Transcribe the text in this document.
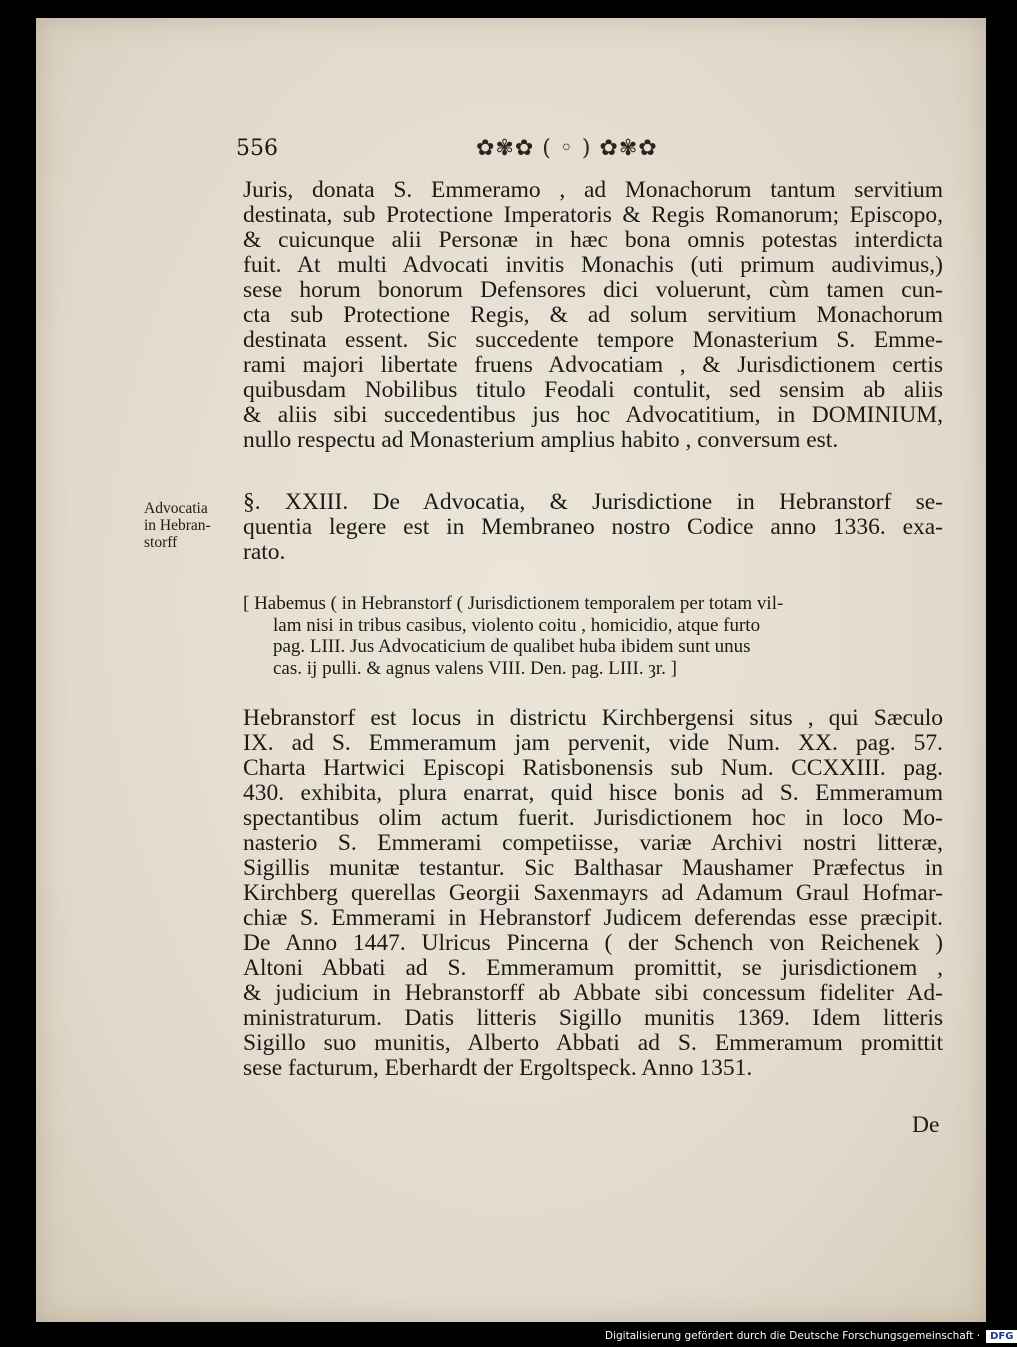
556	✿✾✿ ( ◦ ) ✿✾✿
Juris, donata S. Emmeramo , ad Monachorum tantum servitium
destinata, sub Protectione Imperatoris & Regis Romanorum; Episcopo,
& cuicunque alii Personæ in hæc bona omnis potestas interdicta
fuit. At multi Advocati invitis Monachis (uti primum audivimus,)
sese horum bonorum Defensores dici voluerunt, cùm tamen cun-
cta sub Protectione Regis, & ad solum servitium Monachorum
destinata essent. Sic succedente tempore Monasterium S. Emme-
rami majori libertate fruens Advocatiam , & Jurisdictionem certis
quibusdam Nobilibus titulo Feodali contulit, sed sensim ab aliis
& aliis sibi succedentibus jus hoc Advocatitium, in DOMINIUM,
nullo respectu ad Monasterium amplius habito , conversum est.
Advocatia
in Hebran-
storff
§. XXIII. De Advocatia, & Jurisdictione in Hebranstorf se-
quentia legere est in Membraneo nostro Codice anno 1336. exa-
rato.
[ Habemus ( in Hebranstorf ( Jurisdictionem temporalem per totam vil-
lam nisi in tribus casibus, violento coitu , homicidio, atque furto
pag. LIII. Jus Advocaticium de qualibet huba ibidem sunt unus
cas. ij pulli. & agnus valens VIII. Den. pag. LIII. ȝr. ]
Hebranstorf est locus in districtu Kirchbergensi situs , qui Sæculo
IX. ad S. Emmeramum jam pervenit, vide Num. XX. pag. 57.
Charta Hartwici Episcopi Ratisbonensis sub Num. CCXXIII. pag.
430. exhibita, plura enarrat, quid hisce bonis ad S. Emmeramum
spectantibus olim actum fuerit. Jurisdictionem hoc in loco Mo-
nasterio S. Emmerami competiisse, variæ Archivi nostri litteræ,
Sigillis munitæ testantur. Sic Balthasar Maushamer Præfectus in
Kirchberg querellas Georgii Saxenmayrs ad Adamum Graul Hofmar-
chiæ S. Emmerami in Hebranstorf Judicem deferendas esse præcipit.
De Anno 1447. Ulricus Pincerna ( der Schench von Reichenek )
Altoni Abbati ad S. Emmeramum promittit, se jurisdictionem ,
& judicium in Hebranstorff ab Abbate sibi concessum fideliter Ad-
ministraturum. Datis litteris Sigillo munitis 1369. Idem litteris
Sigillo suo munitis, Alberto Abbati ad S. Emmeramum promittit
sese facturum, Eberhardt der Ergoltspeck. Anno 1351.
De
Digitalisierung gefördert durch die Deutsche Forschungsgemeinschaft ·	DFG
